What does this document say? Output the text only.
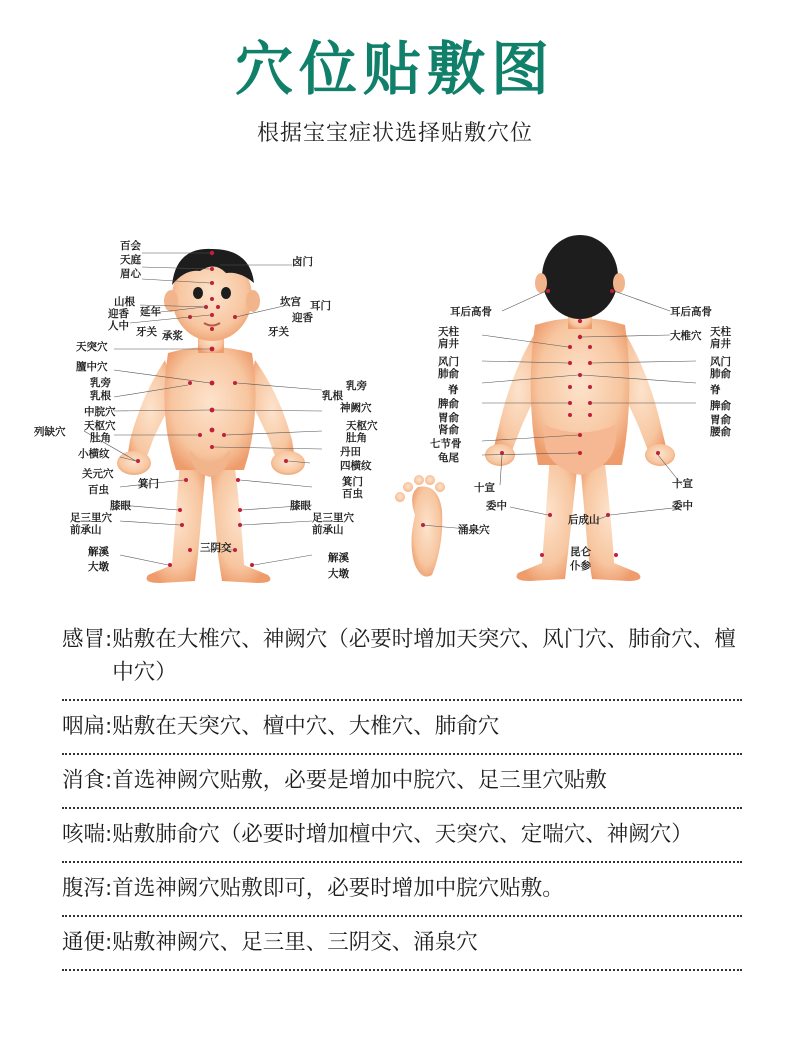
穴位贴敷图
根据宝宝症状选择贴敷穴位
百会
天庭
眉心
卤门
山根
延年
迎香
人中 牙关 承浆
坎宫 耳门
迎香
牙关
天突穴
膻中穴
乳旁
乳根
乳旁
乳根
神阙穴
中脘穴
天枢穴
肚角
天枢穴
肚角
列缺穴
小横纹	丹田
四横纹
关元穴
箕门
百虫
箕门
百虫
膝眼	膝眼
足三里穴
前承山
足三里穴
前承山
三阴交
解溪
大墩
解溪
大墩
耳后高骨
天柱
肩井
风门
肺俞
脊
脾俞
胃俞
肾俞
七节骨
龟尾
十宣
委中
涌泉穴
耳后高骨
大椎穴 天柱
肩井
风门
肺俞
脊
脾俞
胃俞
腰俞
十宣
委中
后成山
昆仑
仆参
感冒: 贴敷在大椎穴、神阙穴（必要时增加天突穴、风门穴、肺俞穴、檀中穴）
咽扁: 贴敷在天突穴、檀中穴、大椎穴、肺俞穴
消食: 首选神阙穴贴敷，必要是增加中脘穴、足三里穴贴敷
咳喘: 贴敷肺俞穴（必要时增加檀中穴、天突穴、定喘穴、神阙穴）
腹泻: 首选神阙穴贴敷即可，必要时增加中脘穴贴敷。
通便: 贴敷神阙穴、足三里、三阴交、涌泉穴
